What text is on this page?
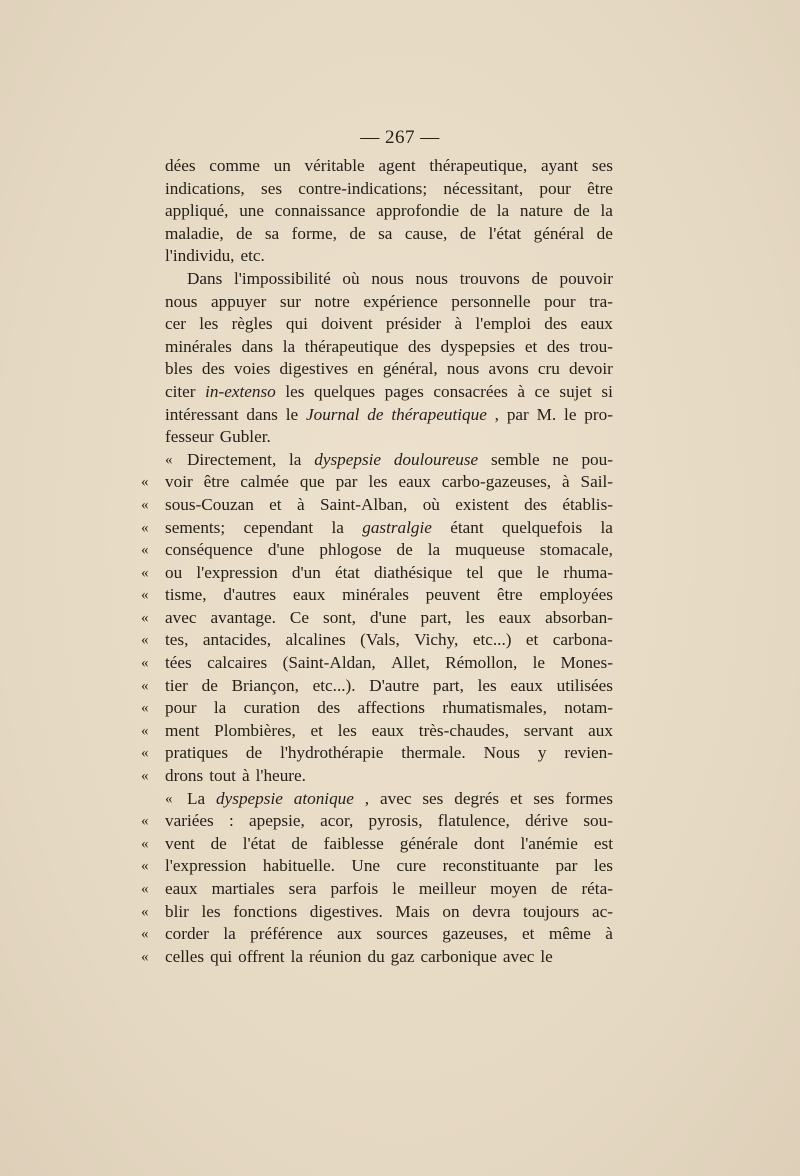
— 267 —
dées comme un véritable agent thérapeutique, ayant ses
indications, ses contre-indications; nécessitant, pour être
appliqué, une connaissance approfondie de la nature de la
maladie, de sa forme, de sa cause, de l'état général de
l'individu, etc.
Dans l'impossibilité où nous nous trouvons de pouvoir
nous appuyer sur notre expérience personnelle pour tra-
cer les règles qui doivent présider à l'emploi des eaux
minérales dans la thérapeutique des dyspepsies et des trou-
bles des voies digestives en général, nous avons cru devoir
citer in-extenso les quelques pages consacrées à ce sujet si
intéressant dans le Journal de thérapeutique , par M. le pro-
fesseur Gubler.
« Directement, la dyspepsie douloureuse semble ne pou-
« voir être calmée que par les eaux carbo-gazeuses, à Sail-
« sous-Couzan et à Saint-Alban, où existent des établis-
« sements; cependant la gastralgie étant quelquefois la
« conséquence d'une phlogose de la muqueuse stomacale,
« ou l'expression d'un état diathésique tel que le rhuma-
« tisme, d'autres eaux minérales peuvent être employées
« avec avantage. Ce sont, d'une part, les eaux absorban-
« tes, antacides, alcalines (Vals, Vichy, etc...) et carbona-
« tées calcaires (Saint-Aldan, Allet, Rémollon, le Mones-
« tier de Briançon, etc...). D'autre part, les eaux utilisées
« pour la curation des affections rhumatismales, notam-
« ment Plombières, et les eaux très-chaudes, servant aux
« pratiques de l'hydrothérapie thermale. Nous y revien-
« drons tout à l'heure.
« La dyspepsie atonique , avec ses degrés et ses formes
« variées : apepsie, acor, pyrosis, flatulence, dérive sou-
« vent de l'état de faiblesse générale dont l'anémie est
« l'expression habituelle. Une cure reconstituante par les
« eaux martiales sera parfois le meilleur moyen de réta-
« blir les fonctions digestives. Mais on devra toujours ac-
« corder la préférence aux sources gazeuses, et même à
« celles qui offrent la réunion du gaz carbonique avec le
